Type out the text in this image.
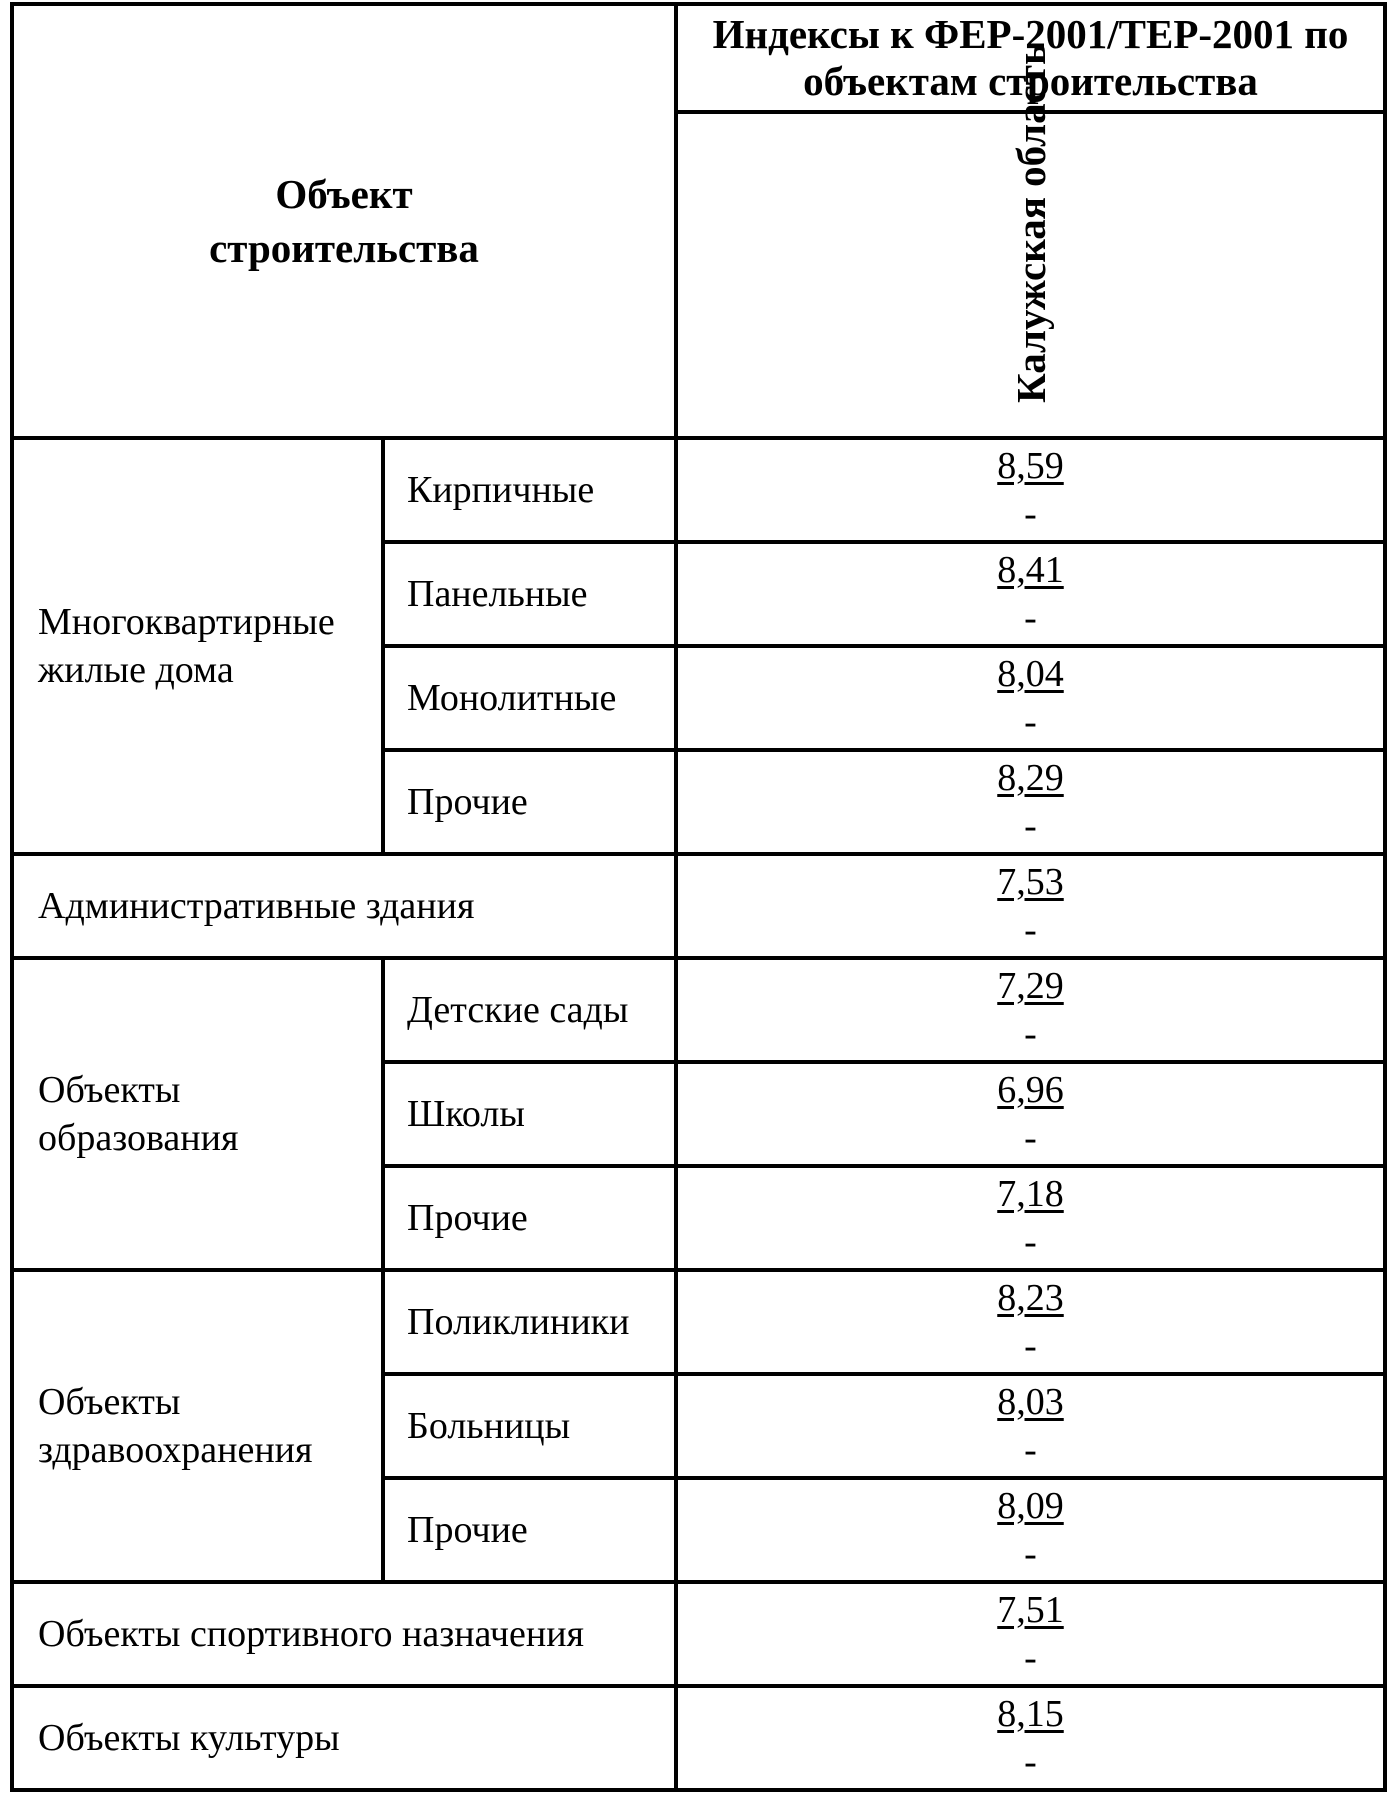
Объект строительства		Индексы к ФЕР-2001/ТЕР-2001 по объектам строительства

		Калужская область

Многоквартирные жилые дома	Кирпичные	8,59
-

	Панельные	8,41
-

	Монолитные	8,04
-

	Прочие	8,29
-

Административные здания		7,53
-

Объекты образования	Детские сады	7,29
-

	Школы	6,96
-

	Прочие	7,18
-

Объекты здравоохранения	Поликлиники	8,23
-

	Больницы	8,03
-

	Прочие	8,09
-

Объекты спортивного назначения		7,51
-

Объекты культуры		8,15
-
